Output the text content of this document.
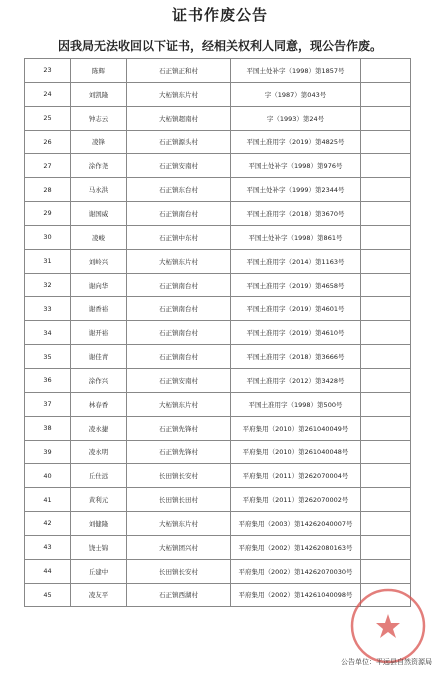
证书作废公告
因我局无法收回以下证书，经相关权利人同意，现公告作废。
23	陈辉	石正镇正和村	平国土处补字（1998）第1857号	
24	刘凯隆	大柘镇东片村	字（1987）第043号	
25	钟志云	大柘镇超南村	字（1993）第24号	
26	凌锋	石正镇源头村	平国土准用字（2019）第4825号	
27	涂作尧	石正镇安南村	平国土处补字（1998）第976号	
28	马永洪	石正镇东台村	平国土处补字（1999）第2344号	
29	谢国威	石正镇南台村	平国土准用字（2018）第3670号	
30	凌峻	石正镇中东村	平国土处补字（1998）第861号	
31	刘岭兴	大柘镇东片村	平国土准用字（2014）第1163号	
32	谢向华	石正镇南台村	平国土准用字（2019）第4658号	
33	谢香裕	石正镇南台村	平国土准用字（2019）第4601号	
34	谢开裕	石正镇南台村	平国土准用字（2019）第4610号	
35	谢佳青	石正镇南台村	平国土准用字（2018）第3666号	
36	涂作兴	石正镇安南村	平国土准用字（2012）第3428号	
37	林春香	大柘镇东片村	平国土准用字（1998）第500号	
38	凌永捷	石正镇先锋村	平府集用（2010）第261040049号	
39	凌永明	石正镇先锋村	平府集用（2010）第261040048号	
40	丘仕远	长田镇长安村	平府集用（2011）第262070004号	
41	黄利元	长田镇长田村	平府集用（2011）第262070002号	
42	刘健隆	大柘镇东片村	平府集用（2003）第14262040007号	
43	饶士锦	大柘镇团兴村	平府集用（2002）第14262080163号	
44	丘建中	长田镇长安村	平府集用（2002）第14262070030号	
45	凌友平	石正镇西湖村	平府集用（2002）第14261040098号	
公告单位：平远县自然资源局
